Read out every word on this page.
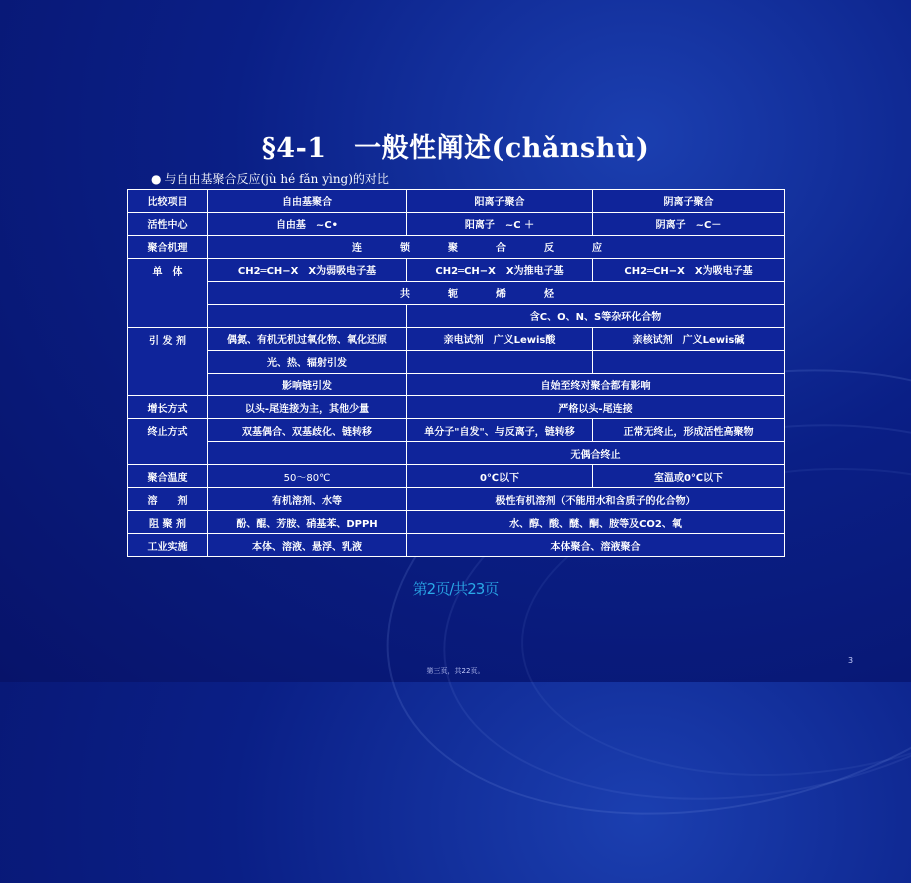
§4-1　一般性阐述(chǎnshù)
● 与自由基聚合反应(jù hé fǎn yìng)的对比
比较项目	自由基聚合	阳离子聚合	阴离子聚合
活性中心	自由基　~C•	阳离子　~C ＋	阴离子　~C－
聚合机理	连锁聚合反应		
单　体	CH2═CH−X　X为弱吸电子基	CH2═CH−X　X为推电子基	CH2═CH−X　X为吸电子基
	共轭烯烃		
		含C、O、N、S等杂环化合物	
引 发 剂	偶氮、有机无机过氧化物、氧化还原	亲电试剂　广义Lewis酸	亲核试剂　广义Lewis碱
	光、热、辐射引发		
	影响链引发	自始至终对聚合都有影响	
增长方式	以头-尾连接为主，其他少量	严格以头-尾连接	
终止方式	双基偶合、双基歧化、链转移	单分子"自发"、与反离子，链转移	正常无终止，形成活性高聚物
		无偶合终止	
聚合温度	50～80℃	0℃以下	室温或0℃以下
溶　　剂	有机溶剂、水等	极性有机溶剂（不能用水和含质子的化合物）	
阻 聚 剂	酚、醌、芳胺、硝基苯、DPPH	水、醇、酸、醚、酮、胺等及CO2、氧	
工业实施	本体、溶液、悬浮、乳液	本体聚合、溶液聚合	
第2页/共23页
第三页，共22页。
3
